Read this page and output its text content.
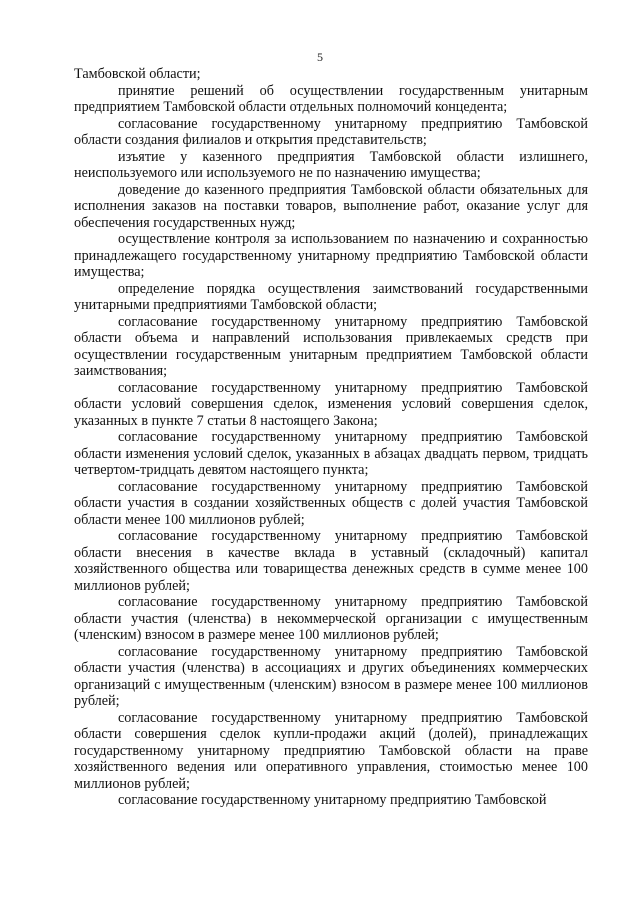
5

Тамбовской области;

принятие решений об осуществлении государственным унитарным предприятием Тамбовской области отдельных полномочий концедента;

согласование государственному унитарному предприятию Тамбовской области создания филиалов и открытия представительств;

изъятие у казенного предприятия Тамбовской области излишнего, неиспользуемого или используемого не по назначению имущества;

доведение до казенного предприятия Тамбовской области обязательных для исполнения заказов на поставки товаров, выполнение работ, оказание услуг для обеспечения государственных нужд;

осуществление контроля за использованием по назначению и сохранностью принадлежащего государственному унитарному предприятию Тамбовской области имущества;

определение порядка осуществления заимствований государственными унитарными предприятиями Тамбовской области;

согласование государственному унитарному предприятию Тамбовской области объема и направлений использования привлекаемых средств при осуществлении государственным унитарным предприятием Тамбовской области заимствования;

согласование государственному унитарному предприятию Тамбовской области условий совершения сделок, изменения условий совершения сделок, указанных в пункте 7 статьи 8 настоящего Закона;

согласование государственному унитарному предприятию Тамбовской области изменения условий сделок, указанных в абзацах двадцать первом, тридцать четвертом-тридцать девятом настоящего пункта;

согласование государственному унитарному предприятию Тамбовской области участия в создании хозяйственных обществ с долей участия Тамбовской области менее 100 миллионов рублей;

согласование государственному унитарному предприятию Тамбовской области внесения в качестве вклада в уставный (складочный) капитал хозяйственного общества или товарищества денежных средств в сумме менее 100 миллионов рублей;

согласование государственному унитарному предприятию Тамбовской области участия (членства) в некоммерческой организации с имущественным (членским) взносом в размере менее 100 миллионов рублей;

согласование государственному унитарному предприятию Тамбовской области участия (членства) в ассоциациях и других объединениях коммерческих организаций с имущественным (членским) взносом в размере менее 100 миллионов рублей;

согласование государственному унитарному предприятию Тамбовской области совершения сделок купли-продажи акций (долей), принадлежащих государственному унитарному предприятию Тамбовской области на праве хозяйственного ведения или оперативного управления, стоимостью менее 100 миллионов рублей;

согласование государственному унитарному предприятию Тамбовской
